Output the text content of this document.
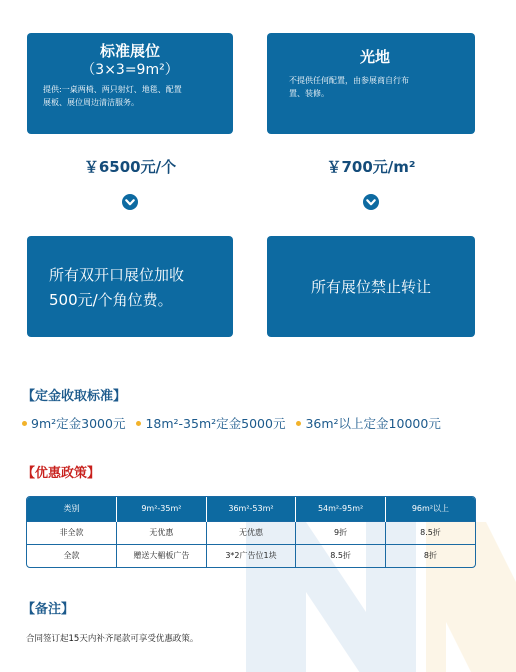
标准展位
（3×3=9m²）
提供:一桌两椅、两只射灯、地毯、配置
展板、展位周边清洁服务。
光地
不提供任何配置，由参展商自行布
置、装修。
￥6500元/个	￥700元/m²
所有双开口展位加收
500元/个角位费。
所有展位禁止转让
【定金收取标准】
9m²定金3000元 18m²-35m²定金5000元 36m²以上定金10000元
【优惠政策】
类别	9m²-35m²	36m²-53m²	54m²-95m²	96m²以上
非全款	无优惠	无优惠	9折	8.5折
全款	赠送大楣板广告	3*2广告位1块	8.5折	8折
【备注】
合同签订起15天内补齐尾款可享受优惠政策。
